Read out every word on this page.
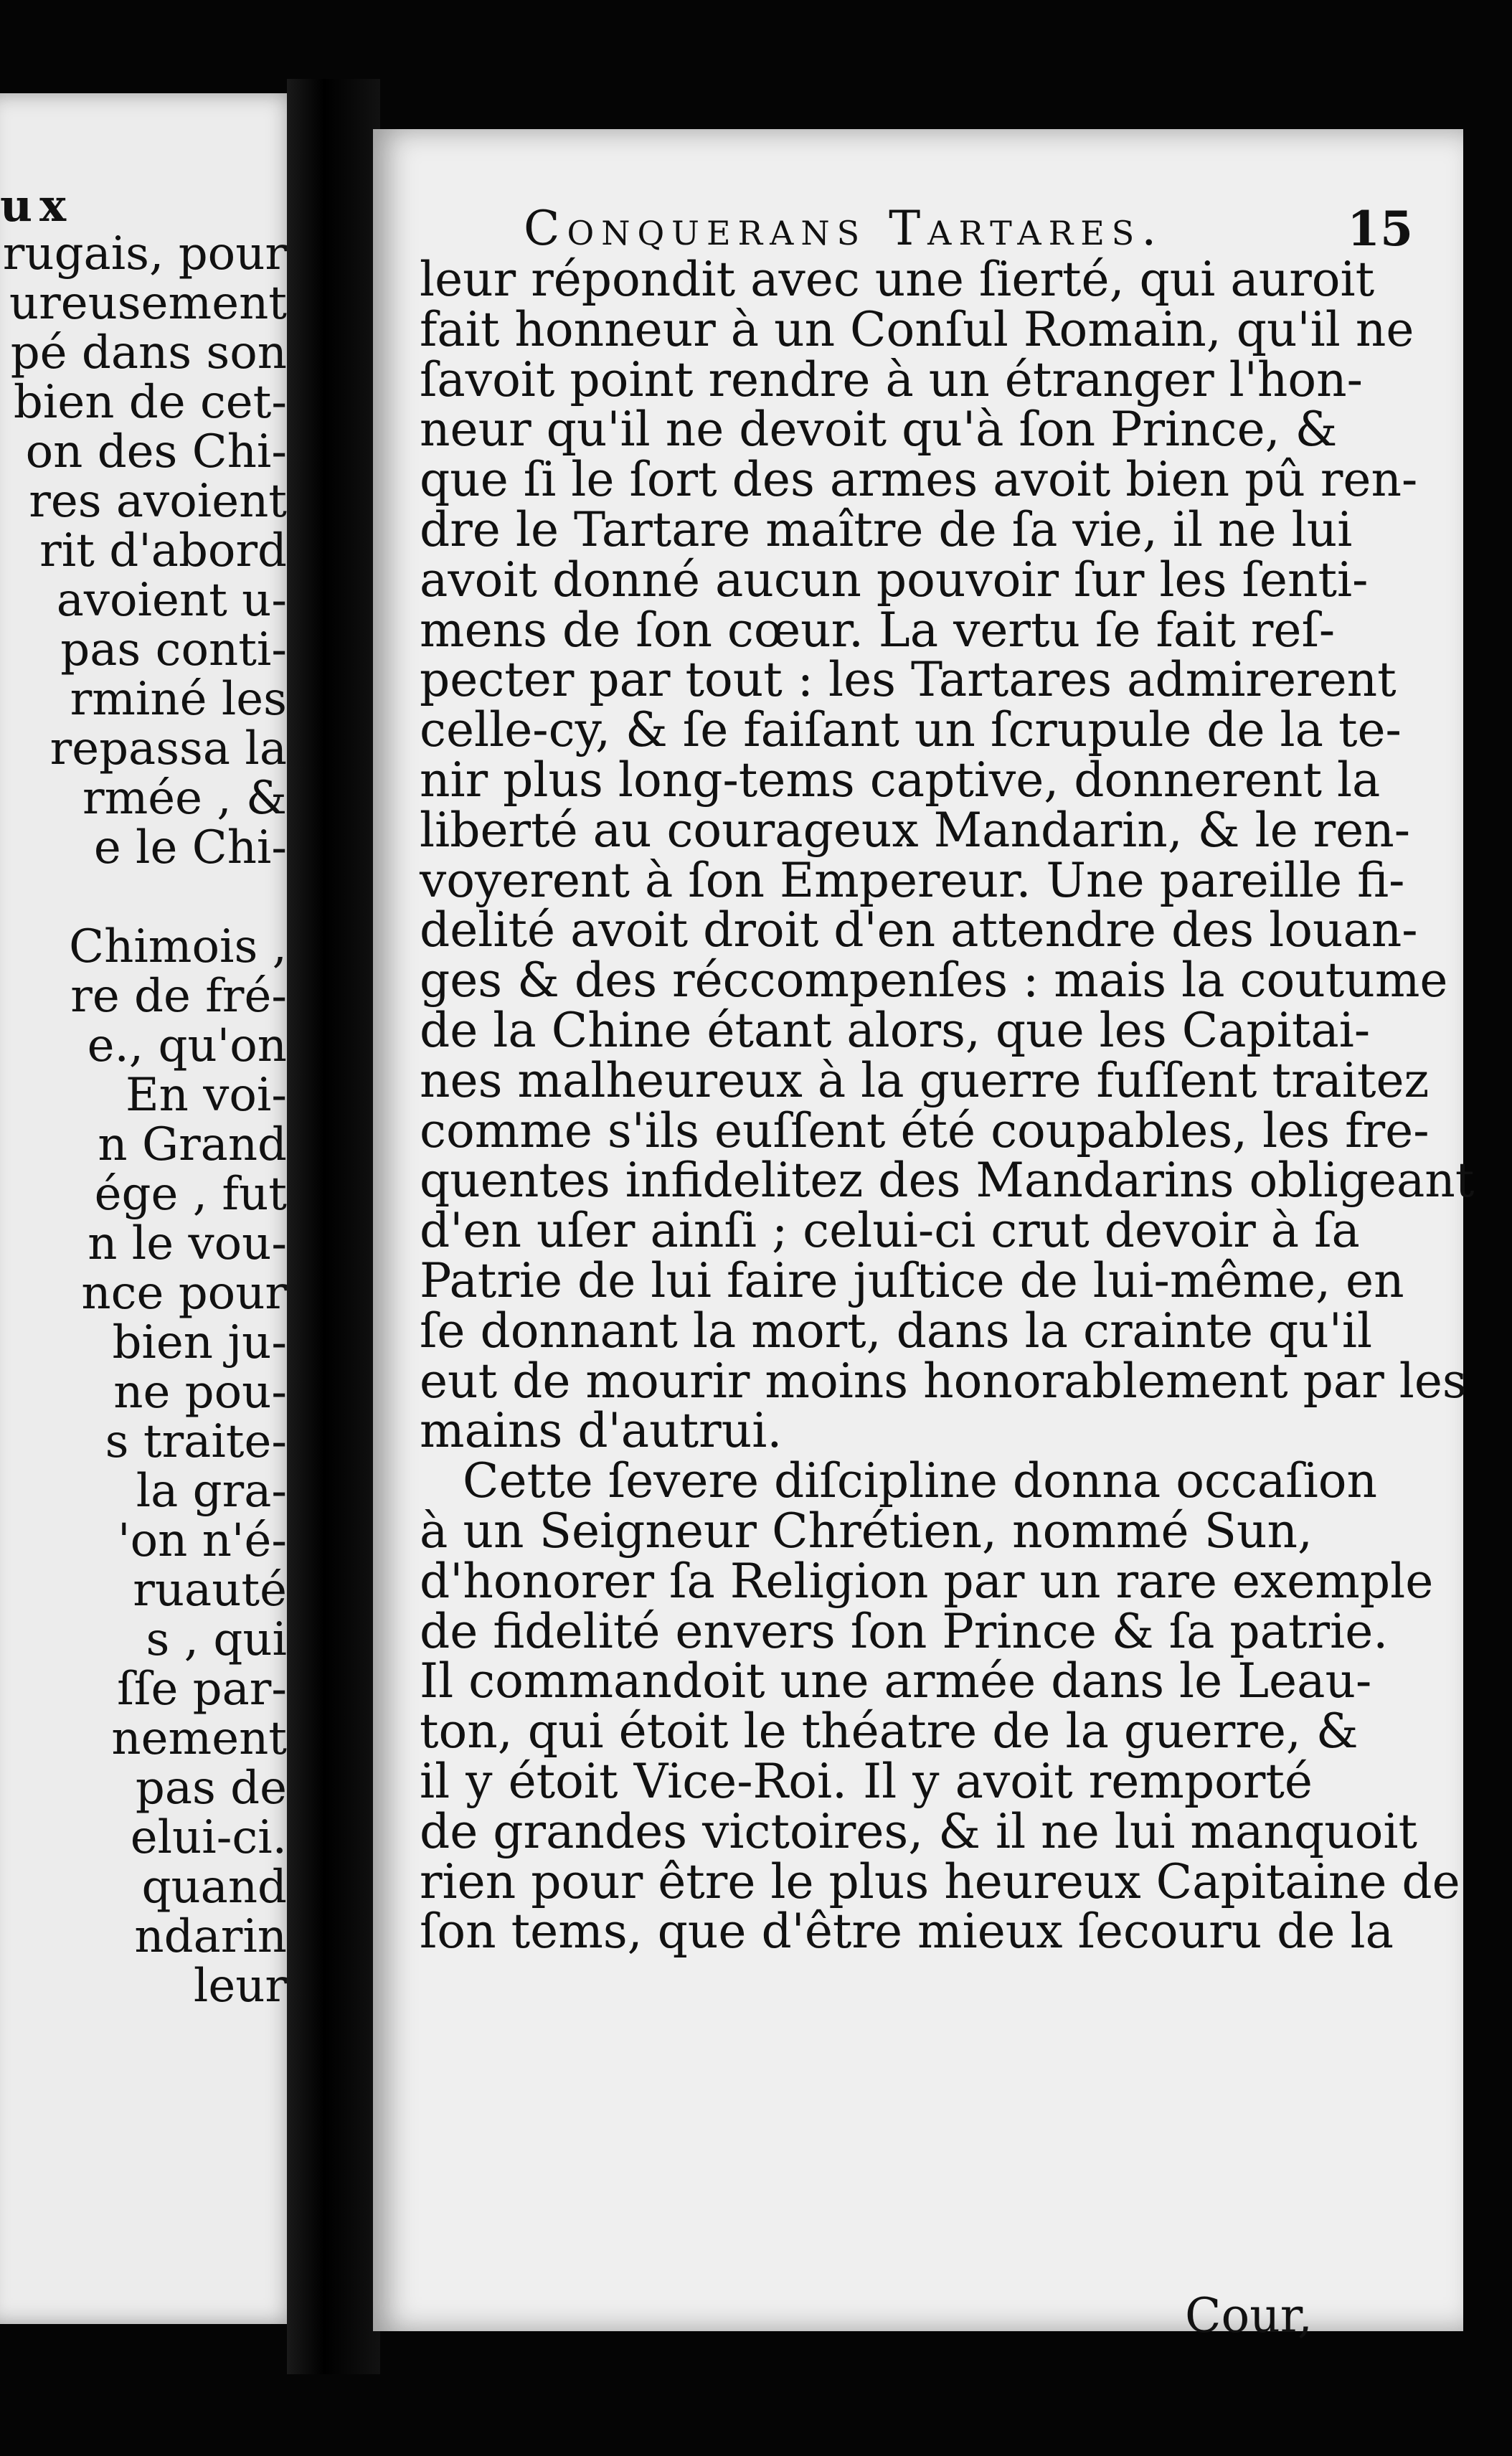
ux
rugais, pour
ureusement
pé dans son
bien de cet-
on des Chi-
res avoient
rit d'abord
avoient u-
pas conti-
rminé les
repassa la
rmée , &
e le Chi-
Chimois ,
re de fré-
e., qu'on
En voi-
n Grand
ége , fut
n le vou-
nce pour
bien ju-
ne pou-
s traite-
la gra-
'on n'é-
ruauté
s , qui
ſſe par-
nement
pas de
elui-ci.
quand
ndarin
leur
Conquerans Tartares.	15
leur répondit avec une ſierté, qui auroit
fait honneur à un Conſul Romain, qu'il ne
ſavoit point rendre à un étranger l'hon-
neur qu'il ne devoit qu'à ſon Prince, &
que ſi le ſort des armes avoit bien pû ren-
dre le Tartare maître de ſa vie, il ne lui
avoit donné aucun pouvoir ſur les ſenti-
mens de ſon cœur. La vertu ſe fait reſ-
pecter par tout : les Tartares admirerent
celle-cy, & ſe faiſant un ſcrupule de la te-
nir plus long-tems captive, donnerent la
liberté au courageux Mandarin, & le ren-
voyerent à ſon Empereur. Une pareille fi-
delité avoit droit d'en attendre des louan-
ges & des réccompenſes : mais la coutume
de la Chine étant alors, que les Capitai-
nes malheureux à la guerre fuſſent traitez
comme s'ils euſſent été coupables, les fre-
quentes infidelitez des Mandarins obligeant
d'en uſer ainſi ; celui-ci crut devoir à ſa
Patrie de lui faire juſtice de lui-même, en
ſe donnant la mort, dans la crainte qu'il
eut de mourir moins honorablement par les
mains d'autrui.
Cette ſevere diſcipline donna occaſion
à un Seigneur Chrétien, nommé Sun,
d'honorer ſa Religion par un rare exemple
de fidelité envers ſon Prince & ſa patrie.
Il commandoit une armée dans le Leau-
ton, qui étoit le théatre de la guerre, &
il y étoit Vice-Roi. Il y avoit remporté
de grandes victoires, & il ne lui manquoit
rien pour être le plus heureux Capitaine de
ſon tems, que d'être mieux ſecouru de la
Cour,
